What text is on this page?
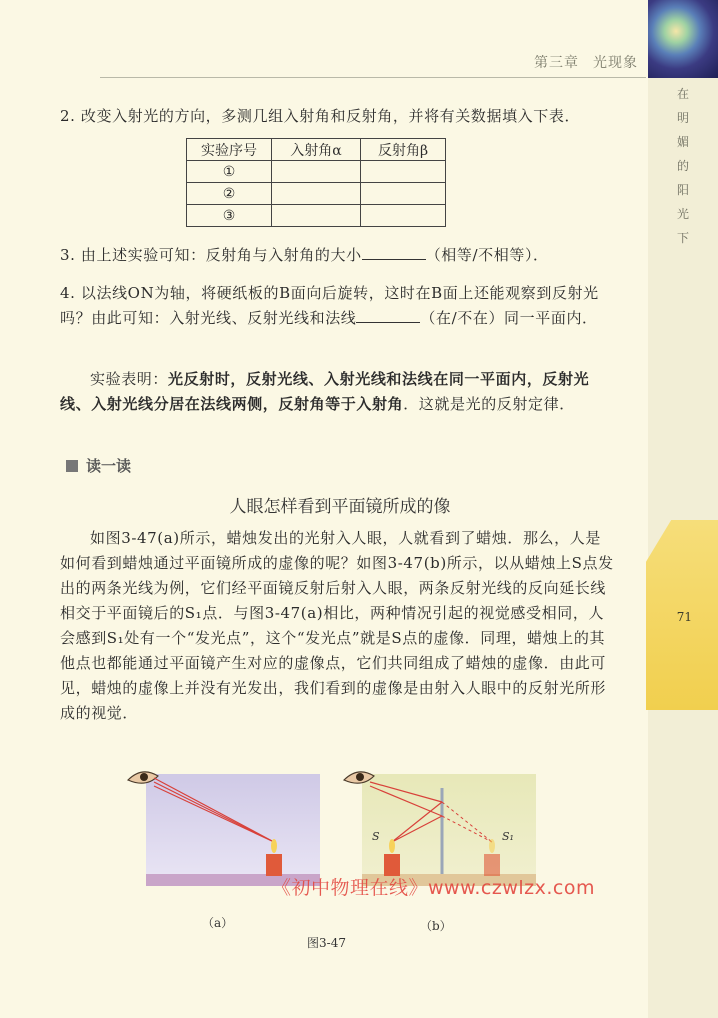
第三章 光现象
在
明
媚
的
阳
光
下
71
2. 改变入射光的方向，多测几组入射角和反射角，并将有关数据填入下表．
实验序号	入射角α	反射角β
①		
②		
③		
3. 由上述实验可知：反射角与入射角的大小	（相等/不相等）．
4. 以法线ON为轴，将硬纸板的B面向后旋转，这时在B面上还能观察到反射光吗？由此可知：入射光线、反射光线和法线	（在/不在）同一平面内．
实验表明：光反射时，反射光线、入射光线和法线在同一平面内，反射光线、入射光线分居在法线两侧，反射角等于入射角．这就是光的反射定律．
读一读
人眼怎样看到平面镜所成的像
如图3-47(a)所示，蜡烛发出的光射入人眼，人就看到了蜡烛．那么，人是如何看到蜡烛通过平面镜所成的虚像的呢？如图3-47(b)所示，以从蜡烛上S点发出的两条光线为例，它们经平面镜反射后射入人眼，两条反射光线的反向延长线相交于平面镜后的S₁点．与图3-47(a)相比，两种情况引起的视觉感受相同，人会感到S₁处有一个“发光点”，这个“发光点”就是S点的虚像．同理，蜡烛上的其他点也都能通过平面镜产生对应的虚像点，它们共同组成了蜡烛的虚像．由此可见，蜡烛的虚像上并没有光发出，我们看到的虚像是由射入人眼中的反射光所形成的视觉．
S	S₁
（a）	（b）
图3-47
《初中物理在线》www.czwlzx.com
